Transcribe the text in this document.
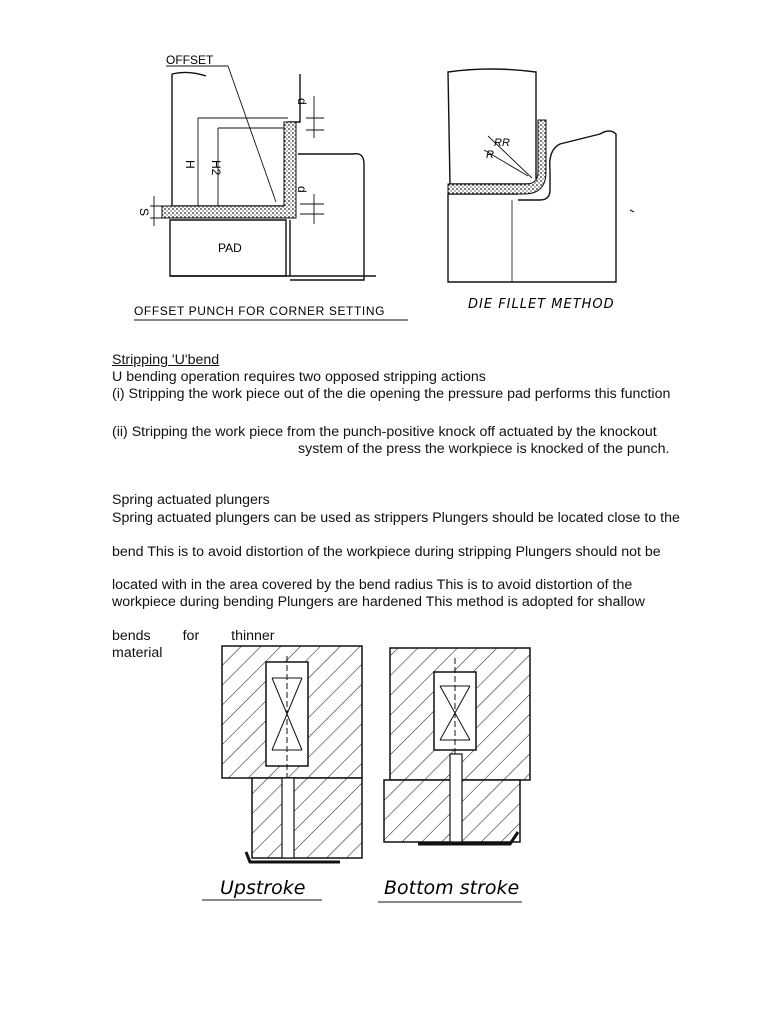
OFFSET
H H2
S
d
d
PAD
OFFSET PUNCH FOR CORNER SETTING
RR
R
DIE FILLET METHOD
Stripping 'U'bend
U bending operation requires two opposed stripping actions
(i) Stripping the work piece out of the die opening the pressure pad performs this function
(ii) Stripping the work piece from the punch-positive knock off actuated by the knockout
system of the press the workpiece is knocked of the punch.
Spring actuated plungers
Spring actuated plungers can be used as strippers Plungers should be located close to the
bend This is to avoid distortion of the workpiece during stripping Plungers should not be
located with in the area covered by the bend radius This is to avoid distortion of the
workpiece during bending Plungers are hardened This method is adopted for shallow
bends for thinner
material
Upstroke	Bottom stroke
